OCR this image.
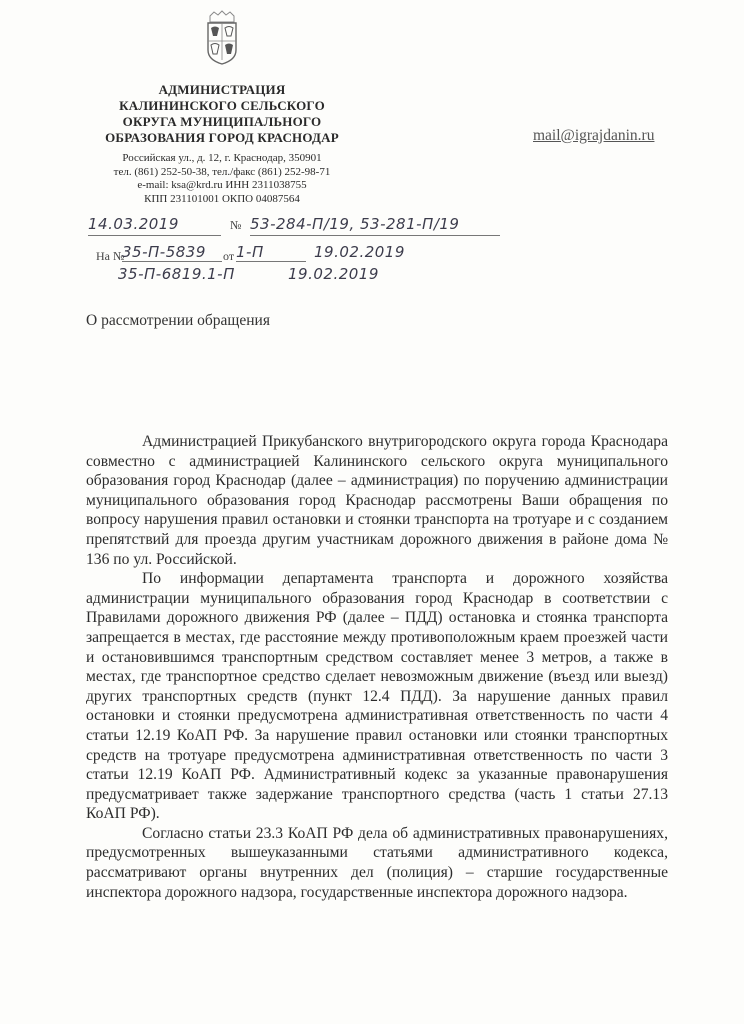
АДМИНИСТРАЦИЯ
КАЛИНИНСКОГО СЕЛЬСКОГО
ОКРУГА МУНИЦИПАЛЬНОГО
ОБРАЗОВАНИЯ ГОРОД КРАСНОДАР
Российская ул., д. 12, г. Краснодар, 350901
тел. (861) 252-50-38, тел./факс (861) 252-98-71
e-mail: ksa@krd.ru ИНН 2311038755
КПП 231101001 ОКПО 04087564
mail@igrajdanin.ru
14.03.2019	№ 53-284-П/19, 53-281-П/19
На №
35-П-5839	от 1-П	19.02.2019
35-П-6819.1-П	19.02.2019
О рассмотрении обращения

Администрацией Прикубанского внутригородского округа города Краснодара совместно с администрацией Калининского сельского округа муниципального образования город Краснодар (далее – администрация) по поручению администрации муниципального образования город Краснодар рассмотрены Ваши обращения по вопросу нарушения правил остановки и стоянки транспорта на тротуаре и с созданием препятствий для проезда другим участникам дорожного движения в районе дома № 136 по ул. Российской.

По информации департамента транспорта и дорожного хозяйства администрации муниципального образования город Краснодар в соответствии с Правилами дорожного движения РФ (далее – ПДД) остановка и стоянка транспорта запрещается в местах, где расстояние между противоположным краем проезжей части и остановившимся транспортным средством составляет менее 3 метров, а также в местах, где транспортное средство сделает невозможным движение (въезд или выезд) других транспортных средств (пункт 12.4 ПДД). За нарушение данных правил остановки и стоянки предусмотрена административная ответственность по части 4 статьи 12.19 КоАП РФ. За нарушение правил остановки или стоянки транспортных средств на тротуаре предусмотрена административная ответственность по части 3 статьи 12.19 КоАП РФ. Административный кодекс за указанные правонарушения предусматривает также задержание транспортного средства (часть 1 статьи 27.13 КоАП РФ).

Согласно статьи 23.3 КоАП РФ дела об административных правонарушениях, предусмотренных вышеуказанными статьями административного кодекса, рассматривают органы внутренних дел (полиция) – старшие государственные инспектора дорожного надзора, государственные инспектора дорожного надзора.
